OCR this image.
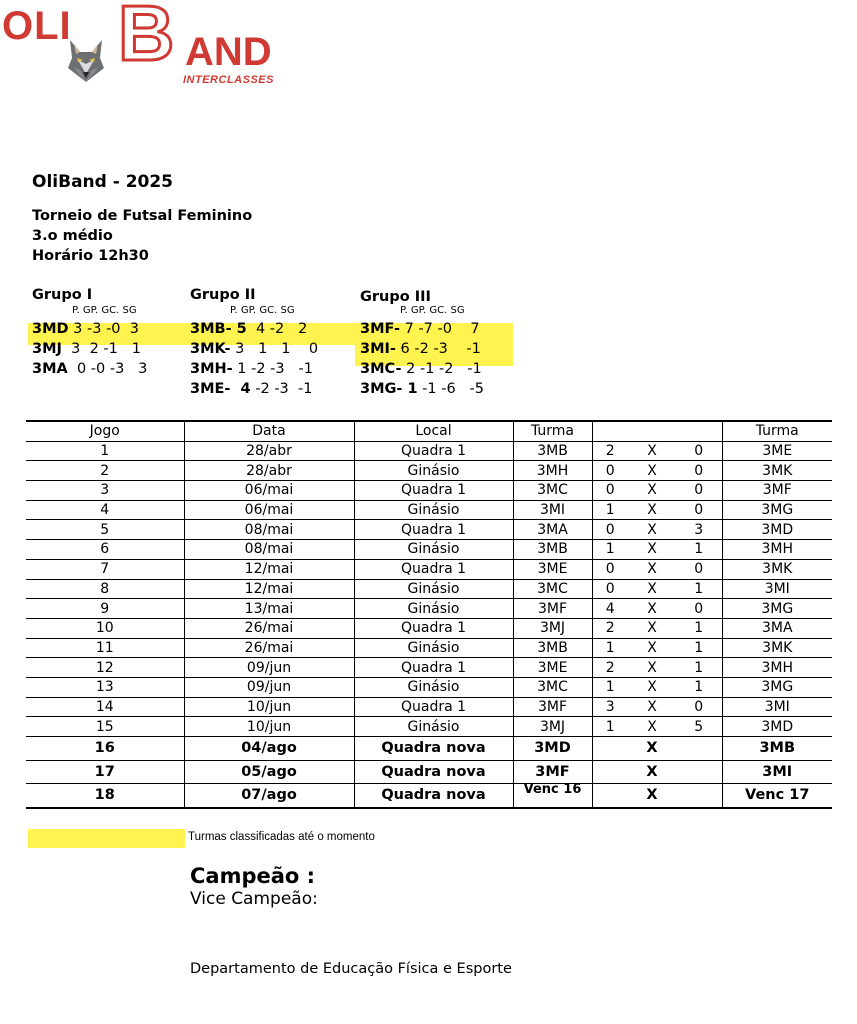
OLI B AND
INTERCLASSES
OliBand - 2025
Torneio de Futsal Feminino
3.o médio
Horário 12h30
Grupo I
P. GP. GC. SG
3MD 3 -3 -0  3
3MJ  3  2 -1   1
3MA  0 -0 -3   3
Grupo II
P. GP. GC. SG
3MB- 5  4 -2   2
3MK- 3   1   1    0
3MH- 1 -2 -3   -1
3ME-  4 -2 -3  -1
Grupo III
P. GP. GC. SG
3MF- 7 -7 -0    7
3MI- 6 -2 -3    -1
3MC- 2 -1 -2   -1
3MG- 1 -1 -6   -5
Jogo	Data	Local	Turma				Turma
1	28/abr	Quadra 1	3MB	2	X	0	3ME
2	28/abr	Ginásio	3MH	0	X	0	3MK
3	06/mai	Quadra 1	3MC	0	X	0	3MF
4	06/mai	Ginásio	3MI	1	X	0	3MG
5	08/mai	Quadra 1	3MA	0	X	3	3MD
6	08/mai	Ginásio	3MB	1	X	1	3MH
7	12/mai	Quadra 1	3ME	0	X	0	3MK
8	12/mai	Ginásio	3MC	0	X	1	3MI
9	13/mai	Ginásio	3MF	4	X	0	3MG
10	26/mai	Quadra 1	3MJ	2	X	1	3MA
11	26/mai	Ginásio	3MB	1	X	1	3MK
12	09/jun	Quadra 1	3ME	2	X	1	3MH
13	09/jun	Ginásio	3MC	1	X	1	3MG
14	10/jun	Quadra 1	3MF	3	X	0	3MI
15	10/jun	Ginásio	3MJ	1	X	5	3MD
16	04/ago	Quadra nova	3MD		X		3MB
17	05/ago	Quadra nova	3MF		X		3MI
18	07/ago	Quadra nova	Venc 16		X		Venc 17
Turmas classificadas até o momento
Campeão :
Vice Campeão:
Departamento de Educação Física e Esporte
